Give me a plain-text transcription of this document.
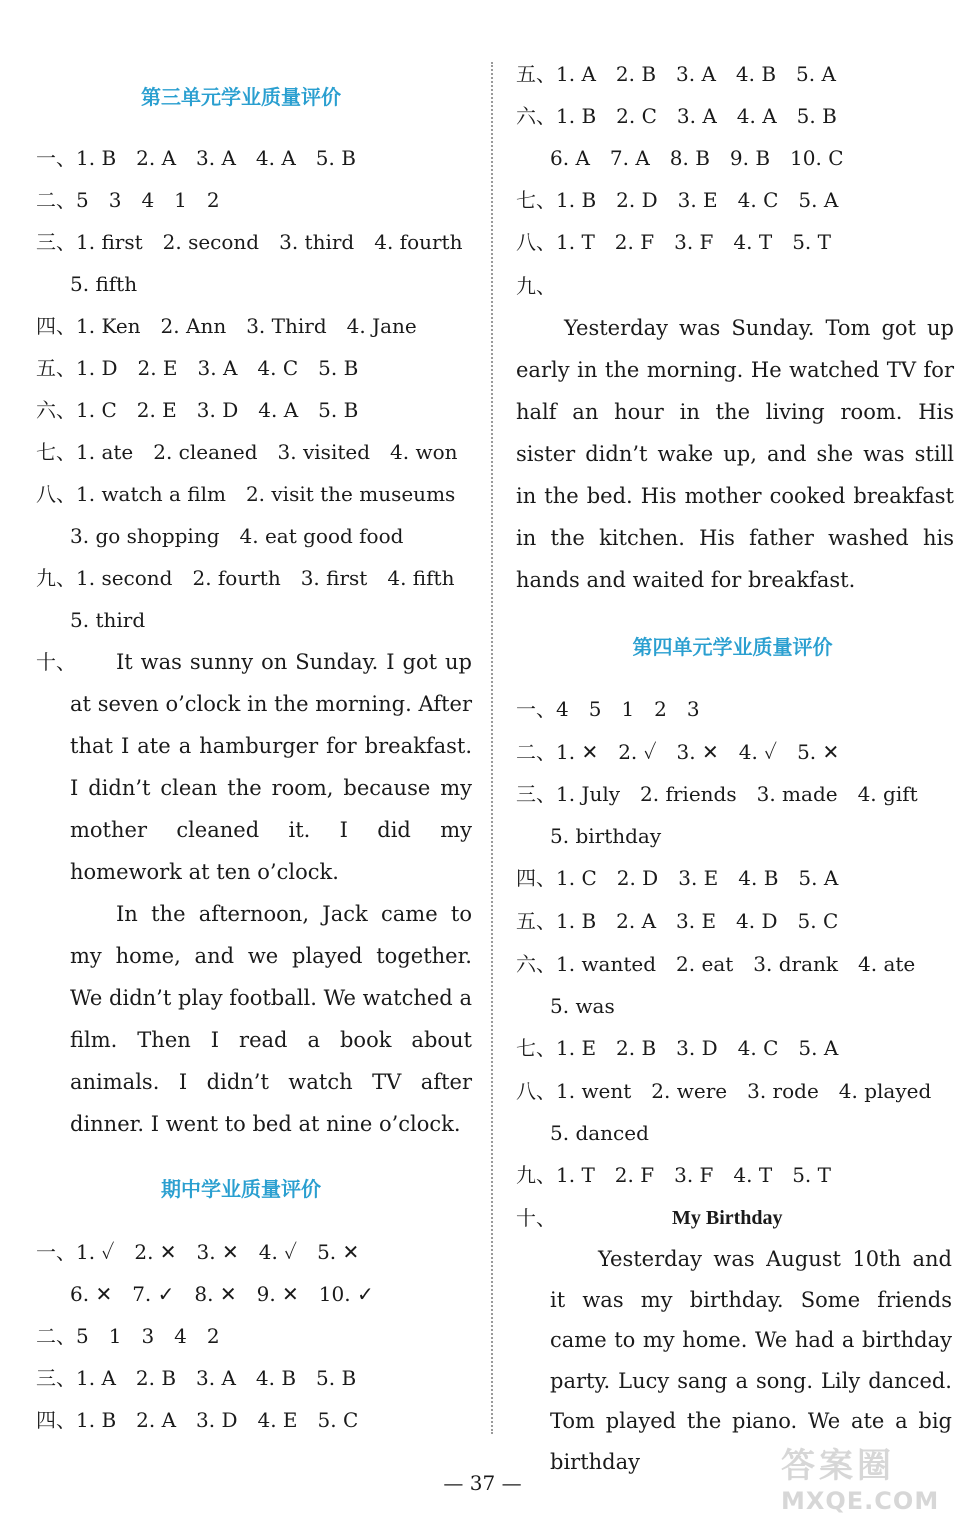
第三单元学业质量评价
一、1. B　2. A　3. A　4. A　5. B
二、5　3　4　1　2
三、1. first　2. second　3. third　4. fourth
5. fifth
四、1. Ken　2. Ann　3. Third　4. Jane
五、1. D　2. E　3. A　4. C　5. B
六、1. C　2. E　3. D　4. A　5. B
七、1. ate　2. cleaned　3. visited　4. won
八、1. watch a film　2. visit the museums
3. go shopping　4. eat good food
九、1. second　2. fourth　3. first　4. fifth
5. third
十、	It was sunny on Sunday. I got up at seven o’clock in the morning. After that I ate a hamburger for breakfast. I didn’t clean the room, because my mother cleaned it. I did my homework at ten o’clock.
In the afternoon, Jack came to my home, and we played together. We didn’t play football. We watched a film. Then I read a book about animals. I didn’t watch TV after dinner. I went to bed at nine o’clock.
期中学业质量评价
一、1. ✓　2. ✕　3. ✕　4. ✓　5. ✕
6. ✕　7. ✓　8. ✕　9. ✕　10. ✓
二、5　1　3　4　2
三、1. A　2. B　3. A　4. B　5. B
四、1. B　2. A　3. D　4. E　5. C
五、1. A　2. B　3. A　4. B　5. A
六、1. B　2. C　3. A　4. A　5. B
6. A　7. A　8. B　9. B　10. C
七、1. B　2. D　3. E　4. C　5. A
八、1. T　2. F　3. F　4. T　5. T
九、
Yesterday was Sunday. Tom got up early in the morning. He watched TV for half an hour in the living room. His sister didn’t wake up, and she was still in the bed. His mother cooked breakfast in the kitchen. His father washed his hands and waited for breakfast.
第四单元学业质量评价
一、4　5　1　2　3
二、1. ✕　2. ✓　3. ✕　4. ✓　5. ✕
三、1. July　2. friends　3. made　4. gift
5. birthday
四、1. C　2. D　3. E　4. B　5. A
五、1. B　2. A　3. E　4. D　5. C
六、1. wanted　2. eat　3. drank　4. ate
5. was
七、1. E　2. B　3. D　4. C　5. A
八、1. went　2. were　3. rode　4. played
5. danced
九、1. T　2. F　3. F　4. T　5. T
十、	My Birthday
Yesterday was August 10th and it was my birthday. Some friends came to my home. We had a birthday party. Lucy sang a song. Lily danced. Tom played the piano. We ate a big birthday
— 37 —	答案圈
MXQE.COM
